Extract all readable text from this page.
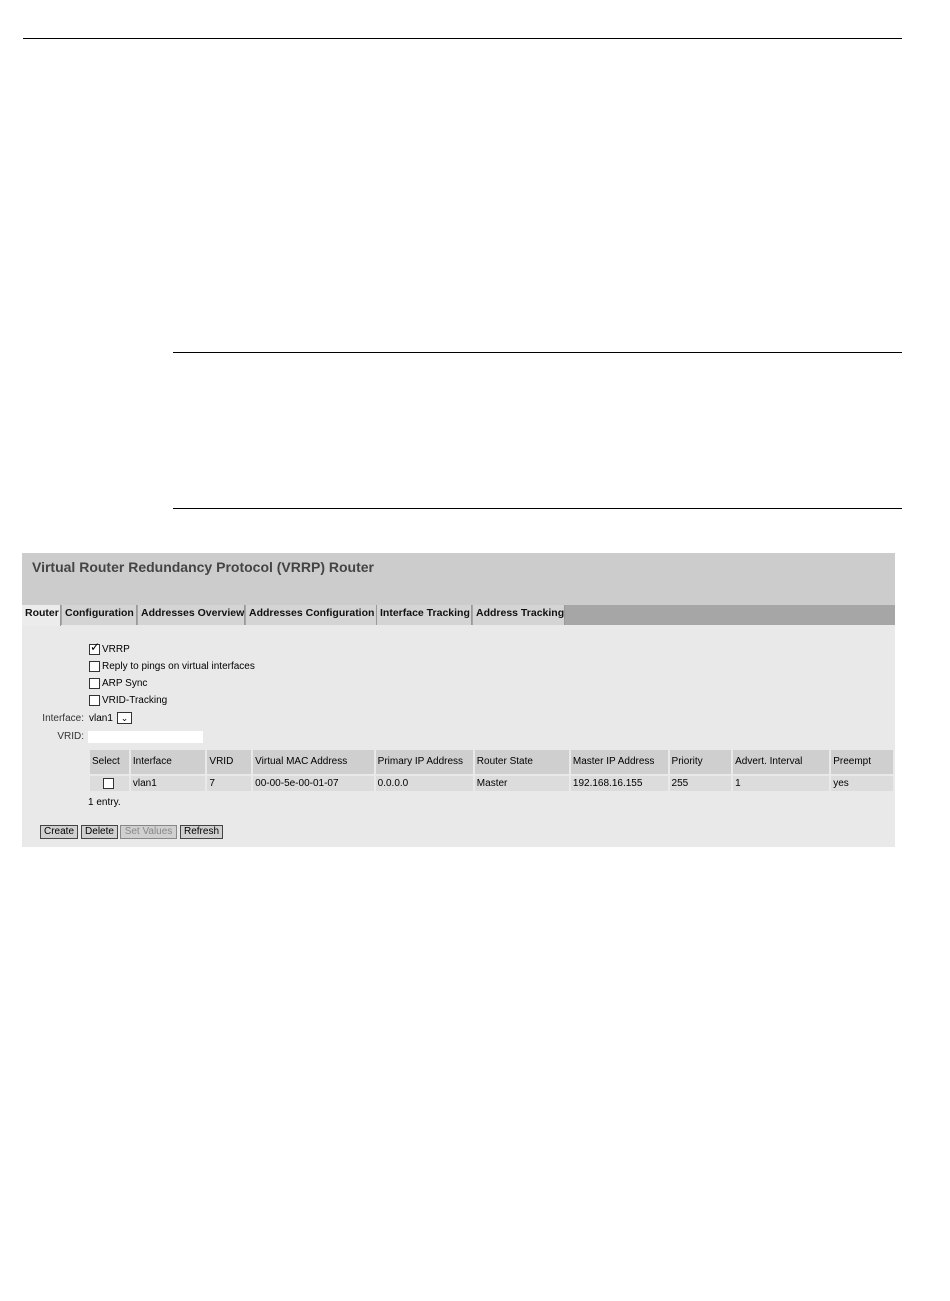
Virtual Router Redundancy Protocol (VRRP) Router
Router Configuration Addresses Overview Addresses Configuration Interface Tracking Address Tracking
✓ VRRP
Reply to pings on virtual interfaces
ARP Sync
VRID-Tracking
Interface: vlan1 ⌄
VRID:
Select	Interface	VRID	Virtual MAC Address	Primary IP Address	Router State	Master IP Address	Priority	Advert. Interval	Preempt

	vlan1	7	00-00-5e-00-01-07	0.0.0.0	Master	192.168.16.155	255	1	yes
1 entry.
Create	Delete	Set Values	Refresh
